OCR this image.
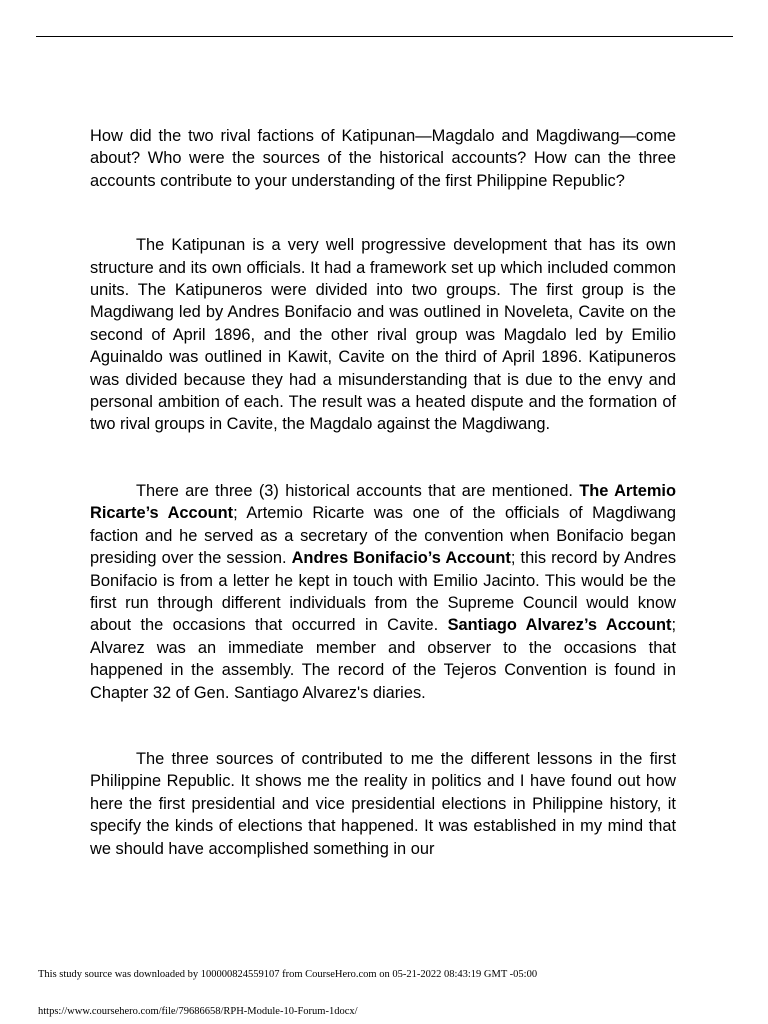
How did the two rival factions of Katipunan—Magdalo and Magdiwang—come about? Who were the sources of the historical accounts? How can the three accounts contribute to your understanding of the first Philippine Republic?

The Katipunan is a very well progressive development that has its own structure and its own officials. It had a framework set up which included common units. The Katipuneros were divided into two groups. The first group is the Magdiwang led by Andres Bonifacio and was outlined in Noveleta, Cavite on the second of April 1896, and the other rival group was Magdalo led by Emilio Aguinaldo was outlined in Kawit, Cavite on the third of April 1896. Katipuneros was divided because they had a misunderstanding that is due to the envy and personal ambition of each. The result was a heated dispute and the formation of two rival groups in Cavite, the Magdalo against the Magdiwang.

There are three (3) historical accounts that are mentioned. The Artemio Ricarte’s Account; Artemio Ricarte was one of the officials of Magdiwang faction and he served as a secretary of the convention when Bonifacio began presiding over the session. Andres Bonifacio’s Account; this record by Andres Bonifacio is from a letter he kept in touch with Emilio Jacinto. This would be the first run through different individuals from the Supreme Council would know about the occasions that occurred in Cavite. Santiago Alvarez’s Account; Alvarez was an immediate member and observer to the occasions that happened in the assembly. The record of the Tejeros Convention is found in Chapter 32 of Gen. Santiago Alvarez's diaries.

The three sources of contributed to me the different lessons in the first Philippine Republic. It shows me the reality in politics and I have found out how here the first presidential and vice presidential elections in Philippine history, it specify the kinds of elections that happened. It was established in my mind that we should have accomplished something in our

This study source was downloaded by 100000824559107 from CourseHero.com on 05-21-2022 08:43:19 GMT -05:00
https://www.coursehero.com/file/79686658/RPH-Module-10-Forum-1docx/
